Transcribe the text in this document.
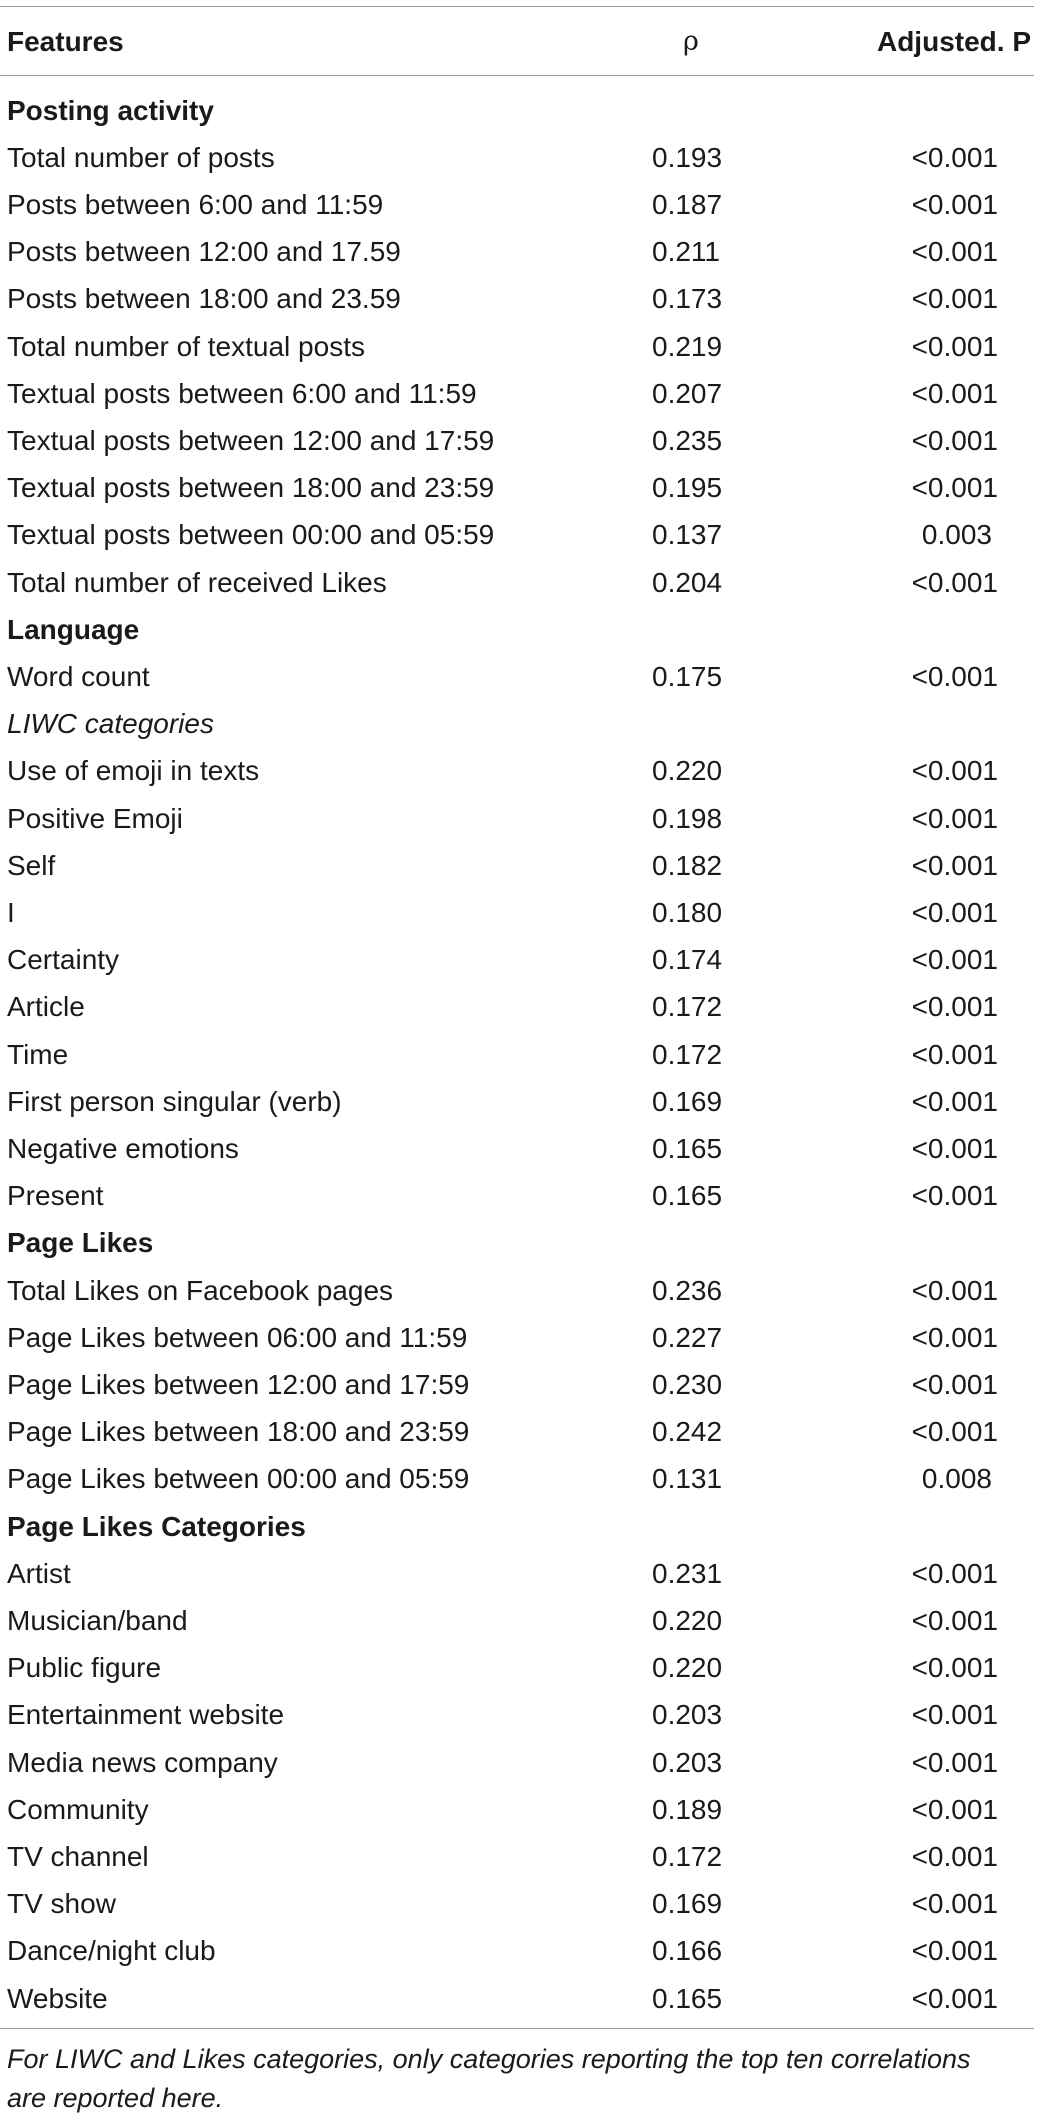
Features	ρ	Adjusted. P
Posting activity
Total number of posts	0.193	<0.001
Posts between 6:00 and 11:59	0.187	<0.001
Posts between 12:00 and 17.59	0.211	<0.001
Posts between 18:00 and 23.59	0.173	<0.001
Total number of textual posts	0.219	<0.001
Textual posts between 6:00 and 11:59	0.207	<0.001
Textual posts between 12:00 and 17:59	0.235	<0.001
Textual posts between 18:00 and 23:59	0.195	<0.001
Textual posts between 00:00 and 05:59	0.137	0.003
Total number of received Likes	0.204	<0.001
Language
Word count	0.175	<0.001
LIWC categories
Use of emoji in texts	0.220	<0.001
Positive Emoji	0.198	<0.001
Self	0.182	<0.001
I	0.180	<0.001
Certainty	0.174	<0.001
Article	0.172	<0.001
Time	0.172	<0.001
First person singular (verb)	0.169	<0.001
Negative emotions	0.165	<0.001
Present	0.165	<0.001
Page Likes
Total Likes on Facebook pages	0.236	<0.001
Page Likes between 06:00 and 11:59	0.227	<0.001
Page Likes between 12:00 and 17:59	0.230	<0.001
Page Likes between 18:00 and 23:59	0.242	<0.001
Page Likes between 00:00 and 05:59	0.131	0.008
Page Likes Categories
Artist	0.231	<0.001
Musician/band	0.220	<0.001
Public figure	0.220	<0.001
Entertainment website	0.203	<0.001
Media news company	0.203	<0.001
Community	0.189	<0.001
TV channel	0.172	<0.001
TV show	0.169	<0.001
Dance/night club	0.166	<0.001
Website	0.165	<0.001
For LIWC and Likes categories, only categories reporting the top ten correlations are reported here.
